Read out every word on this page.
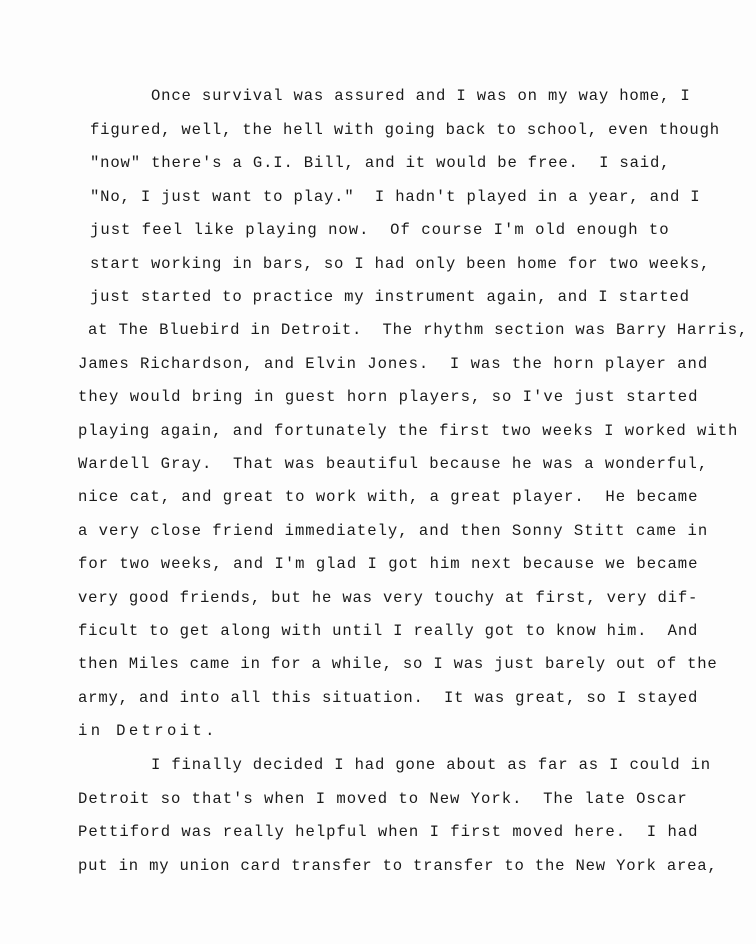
Once survival was assured and I was on my way home, I
figured, well, the hell with going back to school, even though
"now" there's a G.I. Bill, and it would be free.  I said,
"No, I just want to play."  I hadn't played in a year, and I
just feel like playing now.  Of course I'm old enough to
start working in bars, so I had only been home for two weeks,
just started to practice my instrument again, and I started
at The Bluebird in Detroit.  The rhythm section was Barry Harris,
James Richardson, and Elvin Jones.  I was the horn player and
they would bring in guest horn players, so I've just started
playing again, and fortunately the first two weeks I worked with
Wardell Gray.  That was beautiful because he was a wonderful,
nice cat, and great to work with, a great player.  He became
a very close friend immediately, and then Sonny Stitt came in
for two weeks, and I'm glad I got him next because we became
very good friends, but he was very touchy at first, very dif-
ficult to get along with until I really got to know him.  And
then Miles came in for a while, so I was just barely out of the
army, and into all this situation.  It was great, so I stayed
in Detroit.
I finally decided I had gone about as far as I could in
Detroit so that's when I moved to New York.  The late Oscar
Pettiford was really helpful when I first moved here.  I had
put in my union card transfer to transfer to the New York area,
